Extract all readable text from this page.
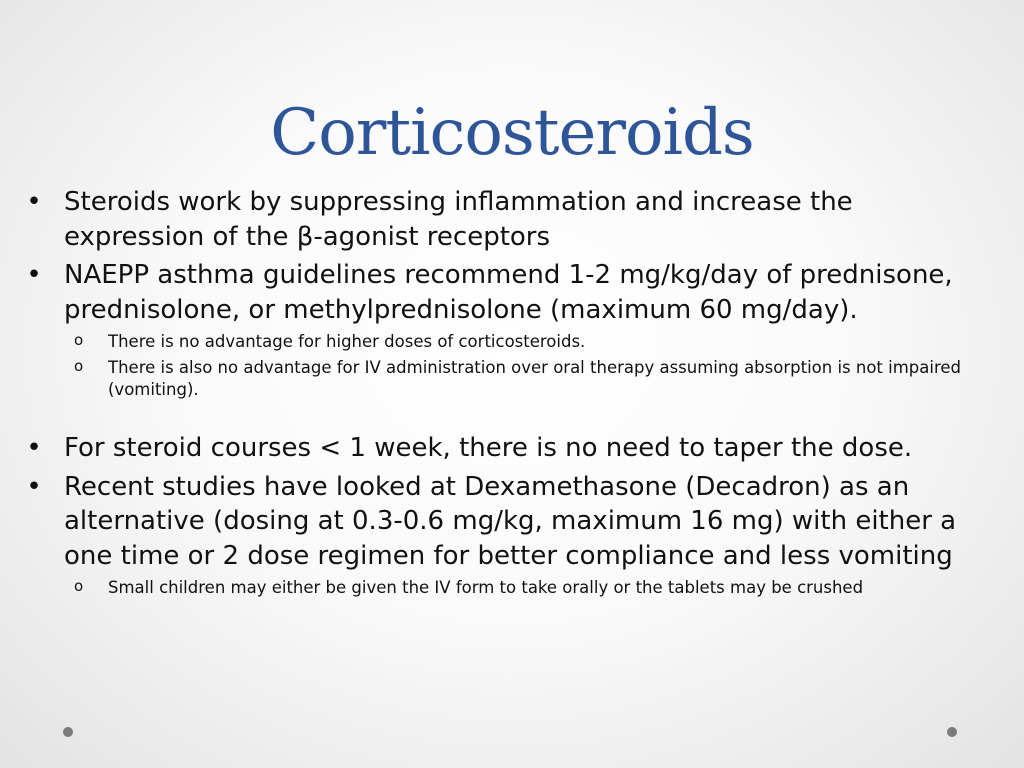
Corticosteroids
• Steroids work by suppressing inflammation and increase the expression of the β-agonist receptors
• NAEPP asthma guidelines recommend 1-2 mg/kg/day of prednisone, prednisolone, or methylprednisolone (maximum 60 mg/day).
o There is no advantage for higher doses of corticosteroids.
o There is also no advantage for IV administration over oral therapy assuming absorption is not impaired (vomiting).
• For steroid courses < 1 week, there is no need to taper the dose.
• Recent studies have looked at Dexamethasone (Decadron) as an alternative (dosing at 0.3-0.6 mg/kg, maximum 16 mg) with either a one time or 2 dose regimen for better compliance and less vomiting
o Small children may either be given the IV form to take orally or the tablets may be crushed
